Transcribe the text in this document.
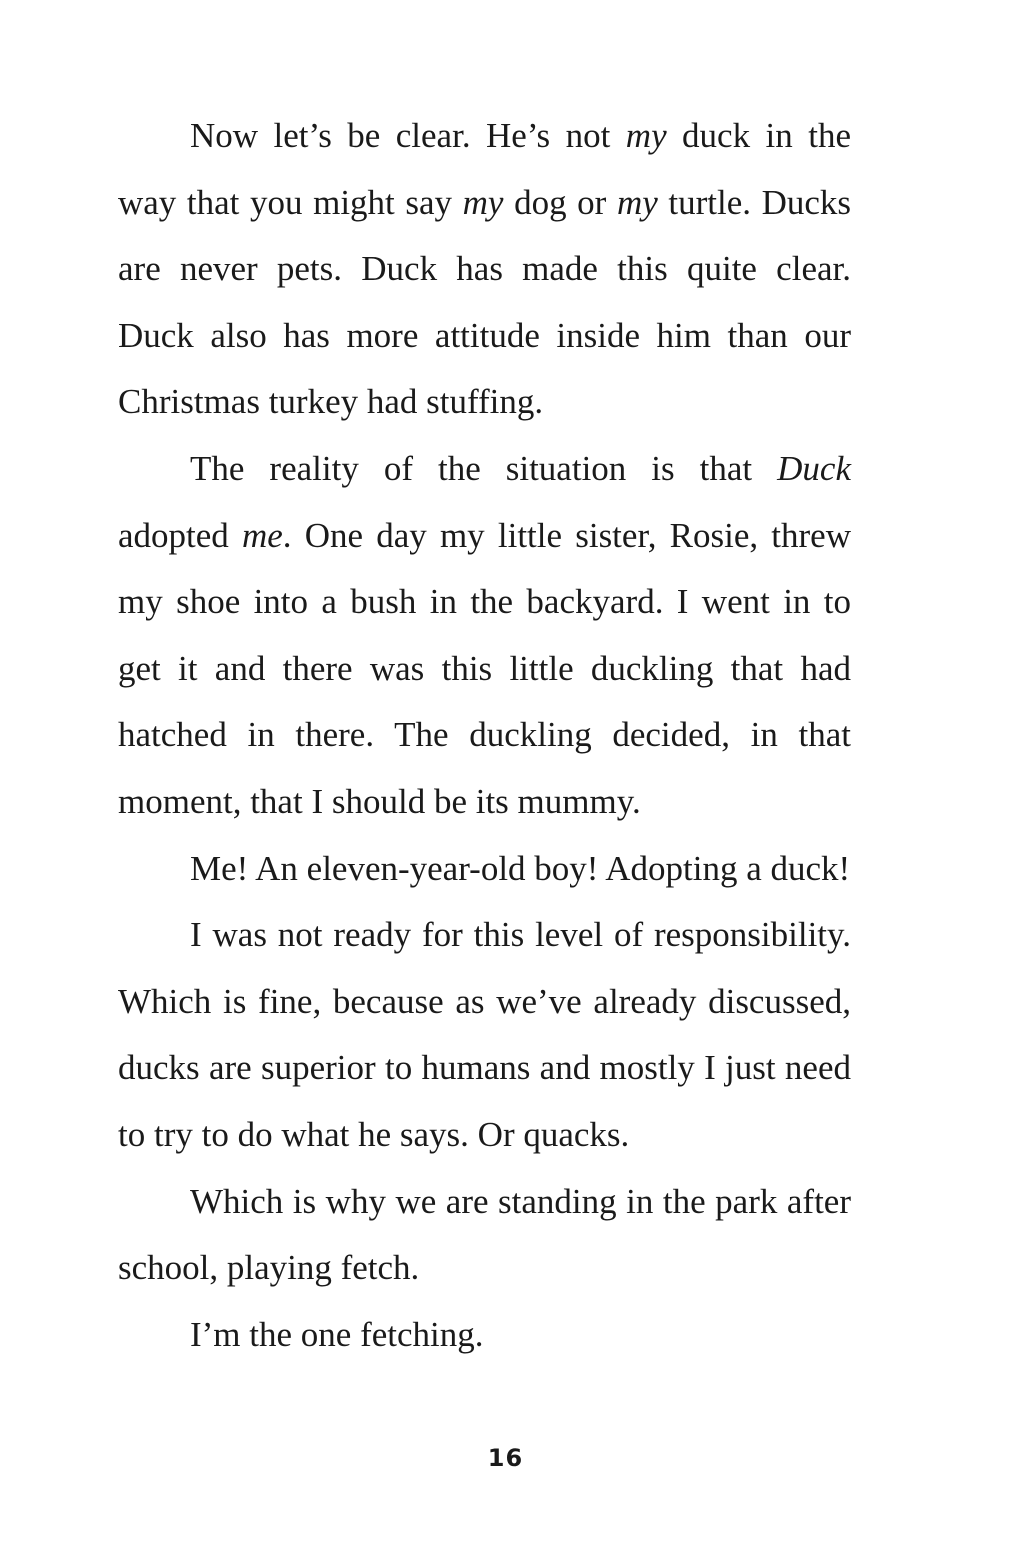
Now let’s be clear. He’s not my duck in the way that you might say my dog or my turtle. Ducks are never pets. Duck has made this quite clear. Duck also has more attitude inside him than our Christmas turkey had stuffing.

The reality of the situation is that Duck adopted me. One day my little sister, Rosie, threw my shoe into a bush in the backyard. I went in to get it and there was this little duckling that had hatched in there. The duckling decided, in that moment, that I should be its mummy.

Me! An eleven-year-old boy! Adopting a duck!

I was not ready for this level of responsibility. Which is fine, because as we’ve already discussed, ducks are superior to humans and mostly I just need to try to do what he says. Or quacks.

Which is why we are standing in the park after school, playing fetch.

I’m the one fetching.

16
